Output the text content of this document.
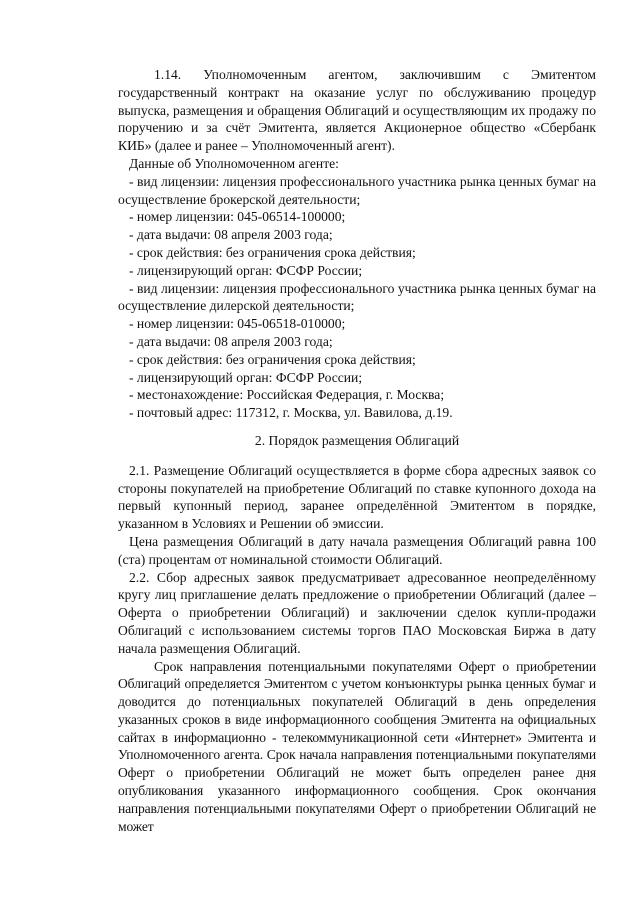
1.14. Уполномоченным агентом, заключившим с Эмитентом государственный контракт на оказание услуг по обслуживанию процедур выпуска, размещения и обращения Облигаций и осуществляющим их продажу по поручению и за счёт Эмитента, является Акционерное общество «Сбербанк КИБ» (далее и ранее – Уполномоченный агент).

Данные об Уполномоченном агенте:

- вид лицензии: лицензия профессионального участника рынка ценных бумаг на осуществление брокерской деятельности;

- номер лицензии: 045-06514-100000;

- дата выдачи: 08 апреля 2003 года;

- срок действия: без ограничения срока действия;

- лицензирующий орган: ФСФР России;

- вид лицензии: лицензия профессионального участника рынка ценных бумаг на осуществление дилерской деятельности;

- номер лицензии: 045-06518-010000;

- дата выдачи: 08 апреля 2003 года;

- срок действия: без ограничения срока действия;

- лицензирующий орган: ФСФР России;

- местонахождение: Российская Федерация, г. Москва;

- почтовый адрес: 117312, г. Москва, ул. Вавилова, д.19.

2. Порядок размещения Облигаций

2.1. Размещение Облигаций осуществляется в форме сбора адресных заявок со стороны покупателей на приобретение Облигаций по ставке купонного дохода на первый купонный период, заранее определённой Эмитентом в порядке, указанном в Условиях и Решении об эмиссии.

Цена размещения Облигаций в дату начала размещения Облигаций равна 100 (ста) процентам от номинальной стоимости Облигаций.

2.2. Сбор адресных заявок предусматривает адресованное неопределённому кругу лиц приглашение делать предложение о приобретении Облигаций (далее – Оферта о приобретении Облигаций) и заключении сделок купли-продажи Облигаций с использованием системы торгов ПАО Московская Биржа в дату начала размещения Облигаций.

Срок направления потенциальными покупателями Оферт о приобретении Облигаций определяется Эмитентом с учетом конъюнктуры рынка ценных бумаг и доводится до потенциальных покупателей Облигаций в день определения указанных сроков в виде информационного сообщения Эмитента на официальных сайтах в информационно - телекоммуникационной сети «Интернет» Эмитента и Уполномоченного агента. Срок начала направления потенциальными покупателями Оферт о приобретении Облигаций не может быть определен ранее дня опубликования указанного информационного сообщения. Срок окончания направления потенциальными покупателями Оферт о приобретении Облигаций не может
